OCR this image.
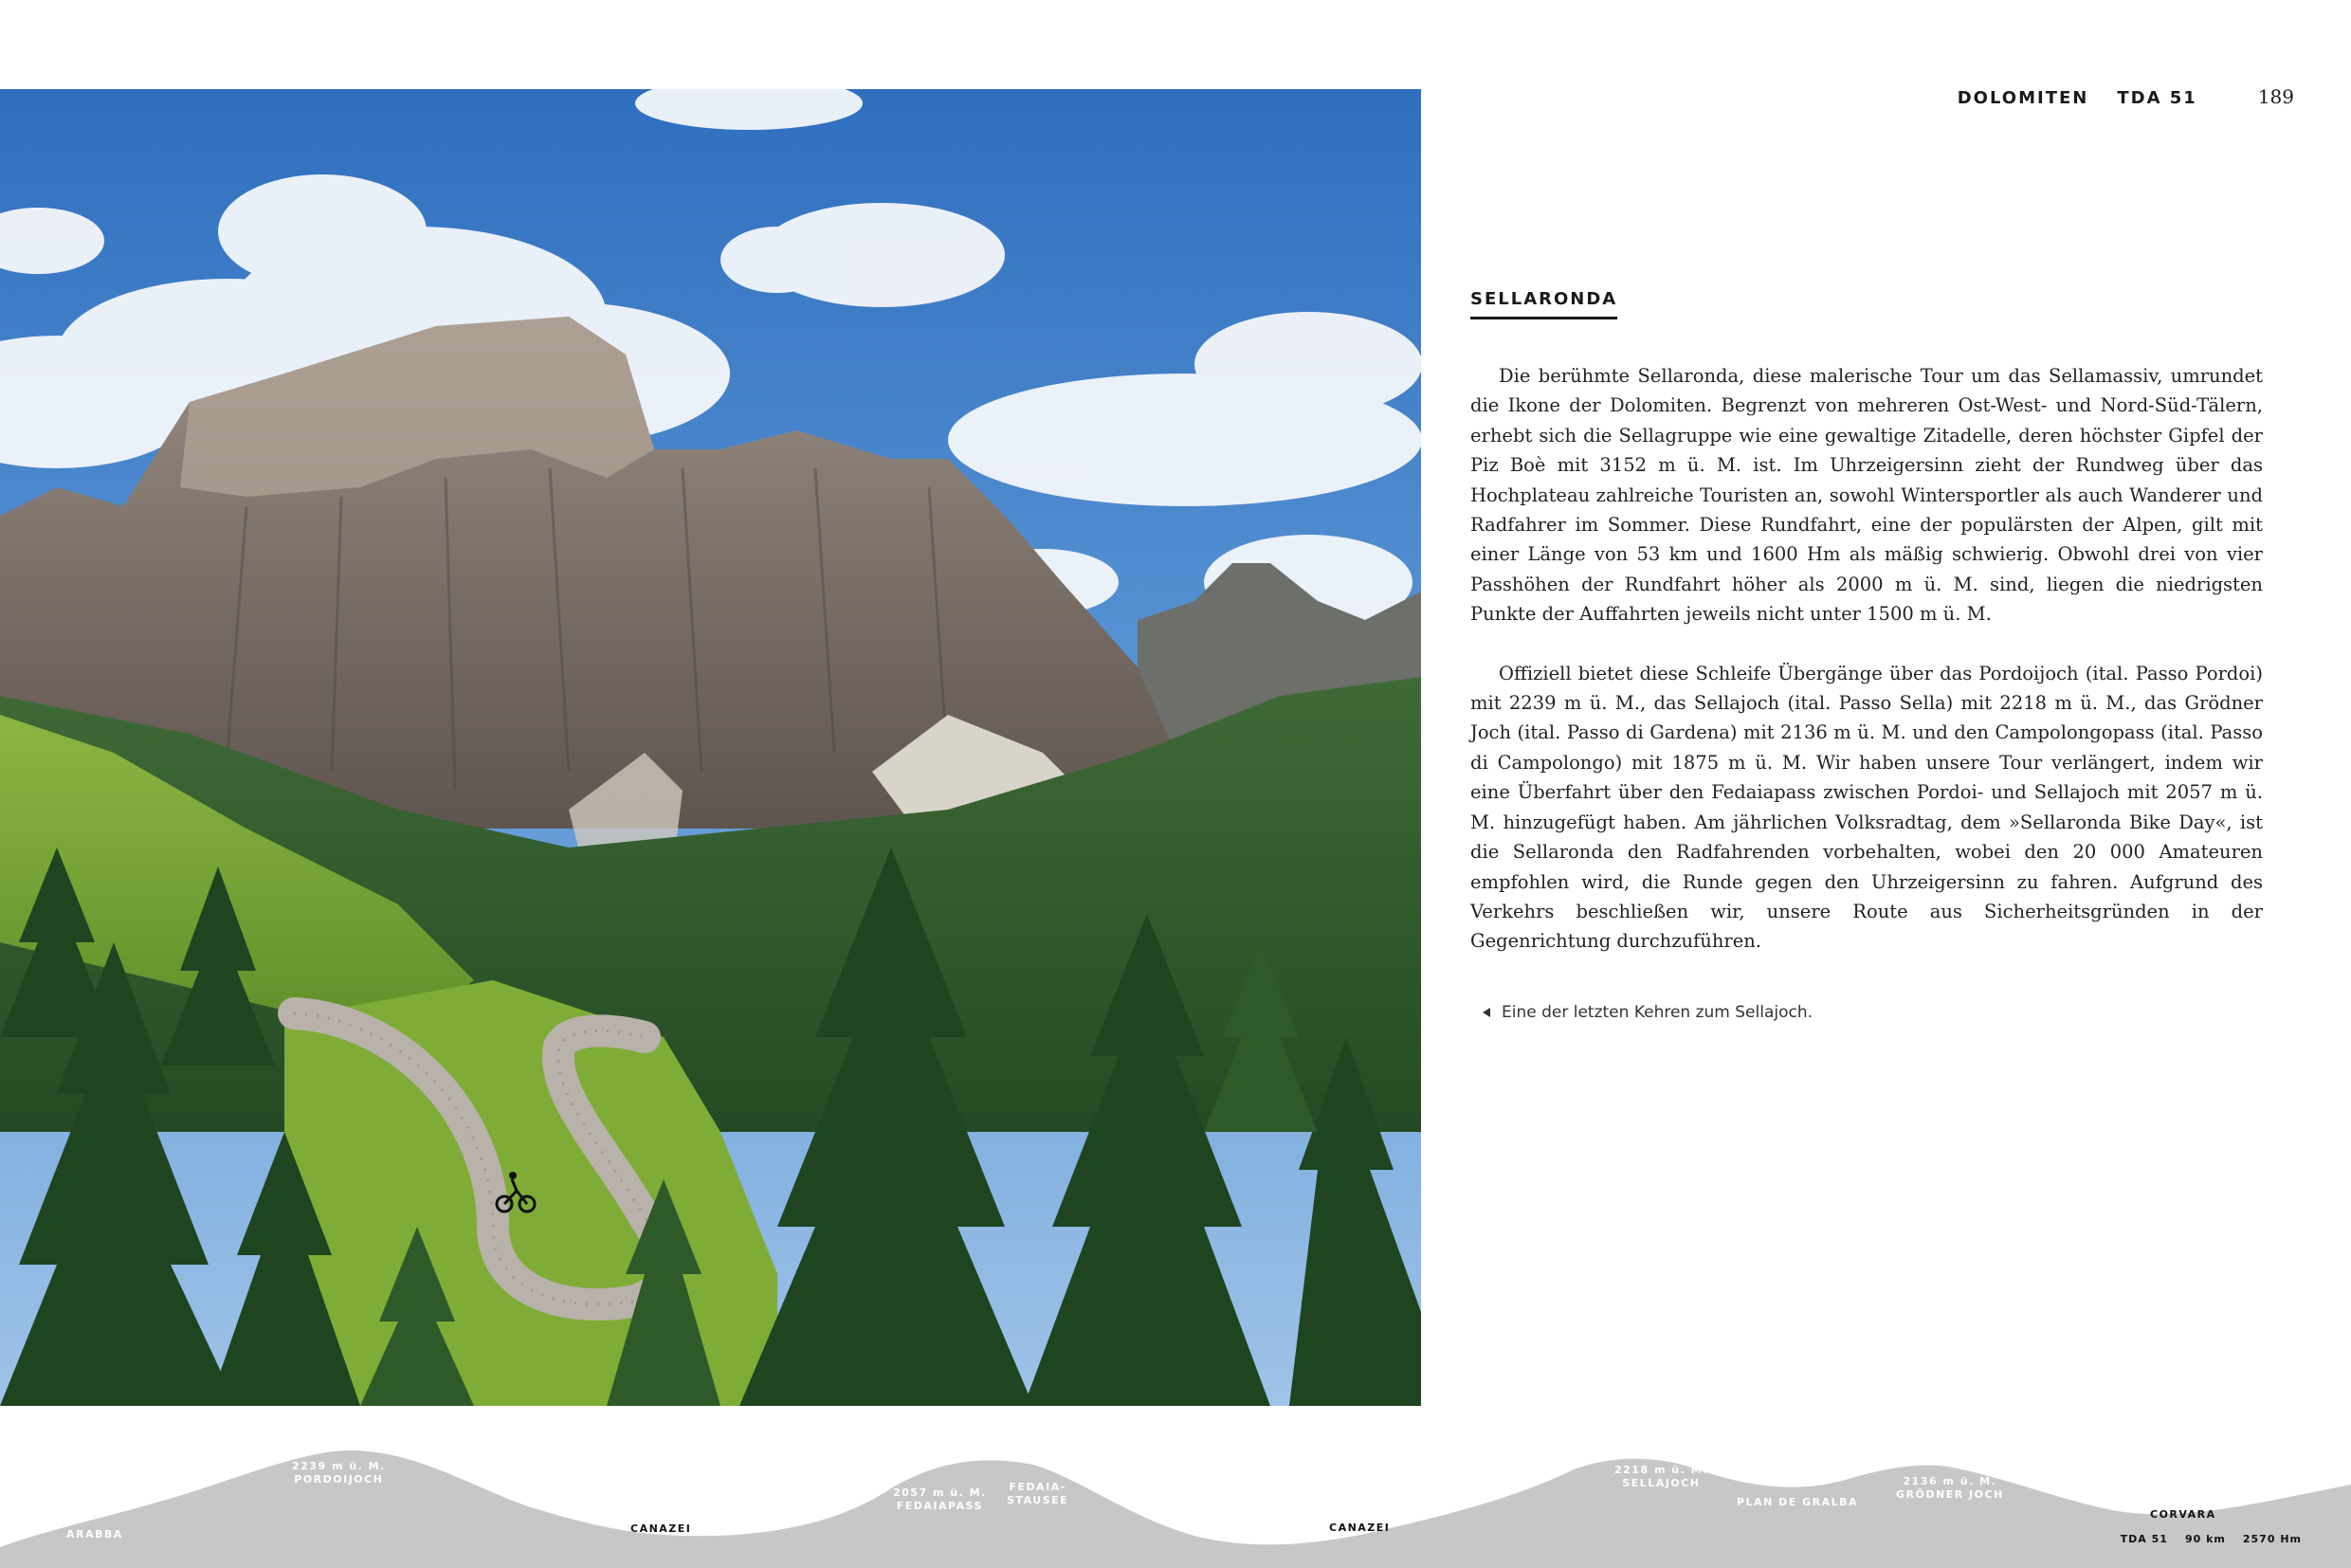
DOLOMITEN TDA 51	189
SELLARONDA

Die berühmte Sellaronda, diese malerische Tour um das Sellamassiv, umrundet die Ikone der Dolomiten. Begrenzt von mehreren Ost-West- und Nord-Süd-Tälern, erhebt sich die Sellagruppe wie eine gewaltige Zitadelle, deren höchster Gipfel der Piz Boè mit 3152 m ü. M. ist. Im Uhrzeigersinn zieht der Rundweg über das Hochplateau zahlreiche Touristen an, sowohl Wintersportler als auch Wanderer und Radfahrer im Sommer. Diese Rundfahrt, eine der populärsten der Alpen, gilt mit einer Länge von 53 km und 1600 Hm als mäßig schwierig. Obwohl drei von vier Passhöhen der Rundfahrt höher als 2000 m ü. M. sind, liegen die niedrigsten Punkte der Auffahrten jeweils nicht unter 1500 m ü. M.

Offiziell bietet diese Schleife Übergänge über das Pordoijoch (ital. Passo Pordoi) mit 2239 m ü. M., das Sellajoch (ital. Passo Sella) mit 2218 m ü. M., das Grödner Joch (ital. Passo di Gardena) mit 2136 m ü. M. und den Campolongopass (ital. Passo di Campolongo) mit 1875 m ü. M. Wir haben unsere Tour verlängert, indem wir eine Überfahrt über den Fedaiapass zwischen Pordoi- und Sellajoch mit 2057 m ü. M. hinzugefügt haben. Am jährlichen Volksradtag, dem »Sellaronda Bike Day«, ist die Sellaronda den Radfahrenden vorbehalten, wobei den 20 000 Amateuren empfohlen wird, die Runde gegen den Uhrzeigersinn zu fahren. Aufgrund des Verkehrs beschließen wir, unsere Route aus Sicherheitsgründen in der Gegenrichtung durchzuführen.

Eine der letzten Kehren zum Sellajoch.
ARABBA
2239 m ü. M.
PORDOIJOCH
CANAZEI
2057 m ü. M.
FEDAIAPASS
FEDAIA-
STAUSEE
CANAZEI
2218 m ü. M.
SELLAJOCH
PLAN DE GRALBA
2136 m ü. M.
GRÖDNER JOCH
CORVARA
TDA 51 90 km 2570 Hm
